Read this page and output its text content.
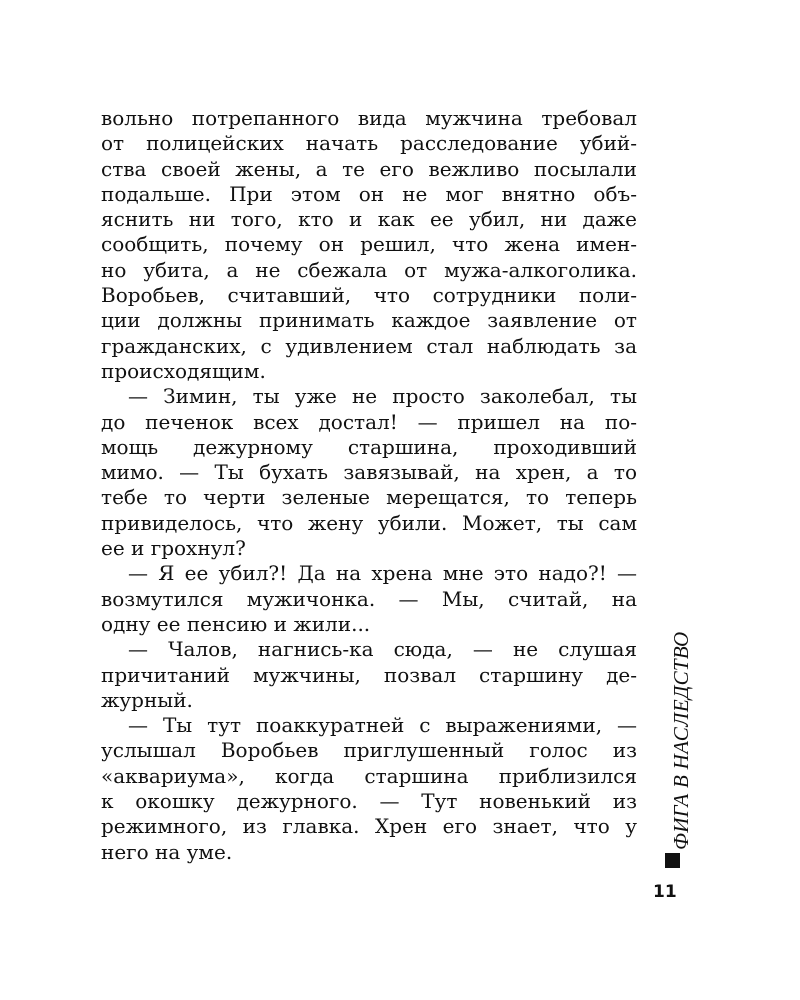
вольно потрепанного вида мужчина требовал
от полицейских начать расследование убий-
ства своей жены, а те его вежливо посылали
подальше. При этом он не мог внятно объ-
яснить ни того, кто и как ее убил, ни даже
сообщить, почему он решил, что жена имен-
но убита, а не сбежала от мужа-алкоголика.
Воробьев, считавший, что сотрудники поли-
ции должны принимать каждое заявление от
гражданских, с удивлением стал наблюдать за
происходящим.
— Зимин, ты уже не просто заколебал, ты
до печенок всех достал! — пришел на по-
мощь дежурному старшина, проходивший
мимо. — Ты бухать завязывай, на хрен, а то
тебе то черти зеленые мерещатся, то теперь
привиделось, что жену убили. Может, ты сам
ее и грохнул?
— Я ее убил?! Да на хрена мне это надо?! —
возмутился мужичонка. — Мы, считай, на
одну ее пенсию и жили...
— Чалов, нагнись-ка сюда, — не слушая
причитаний мужчины, позвал старшину де-
журный.
— Ты тут поаккуратней с выражениями, —
услышал Воробьев приглушенный голос из
«аквариума», когда старшина приблизился
к окошку дежурного. — Тут новенький из
режимного, из главка. Хрен его знает, что у
него на уме.
ФИГА В НАСЛЕДСТВО
11
